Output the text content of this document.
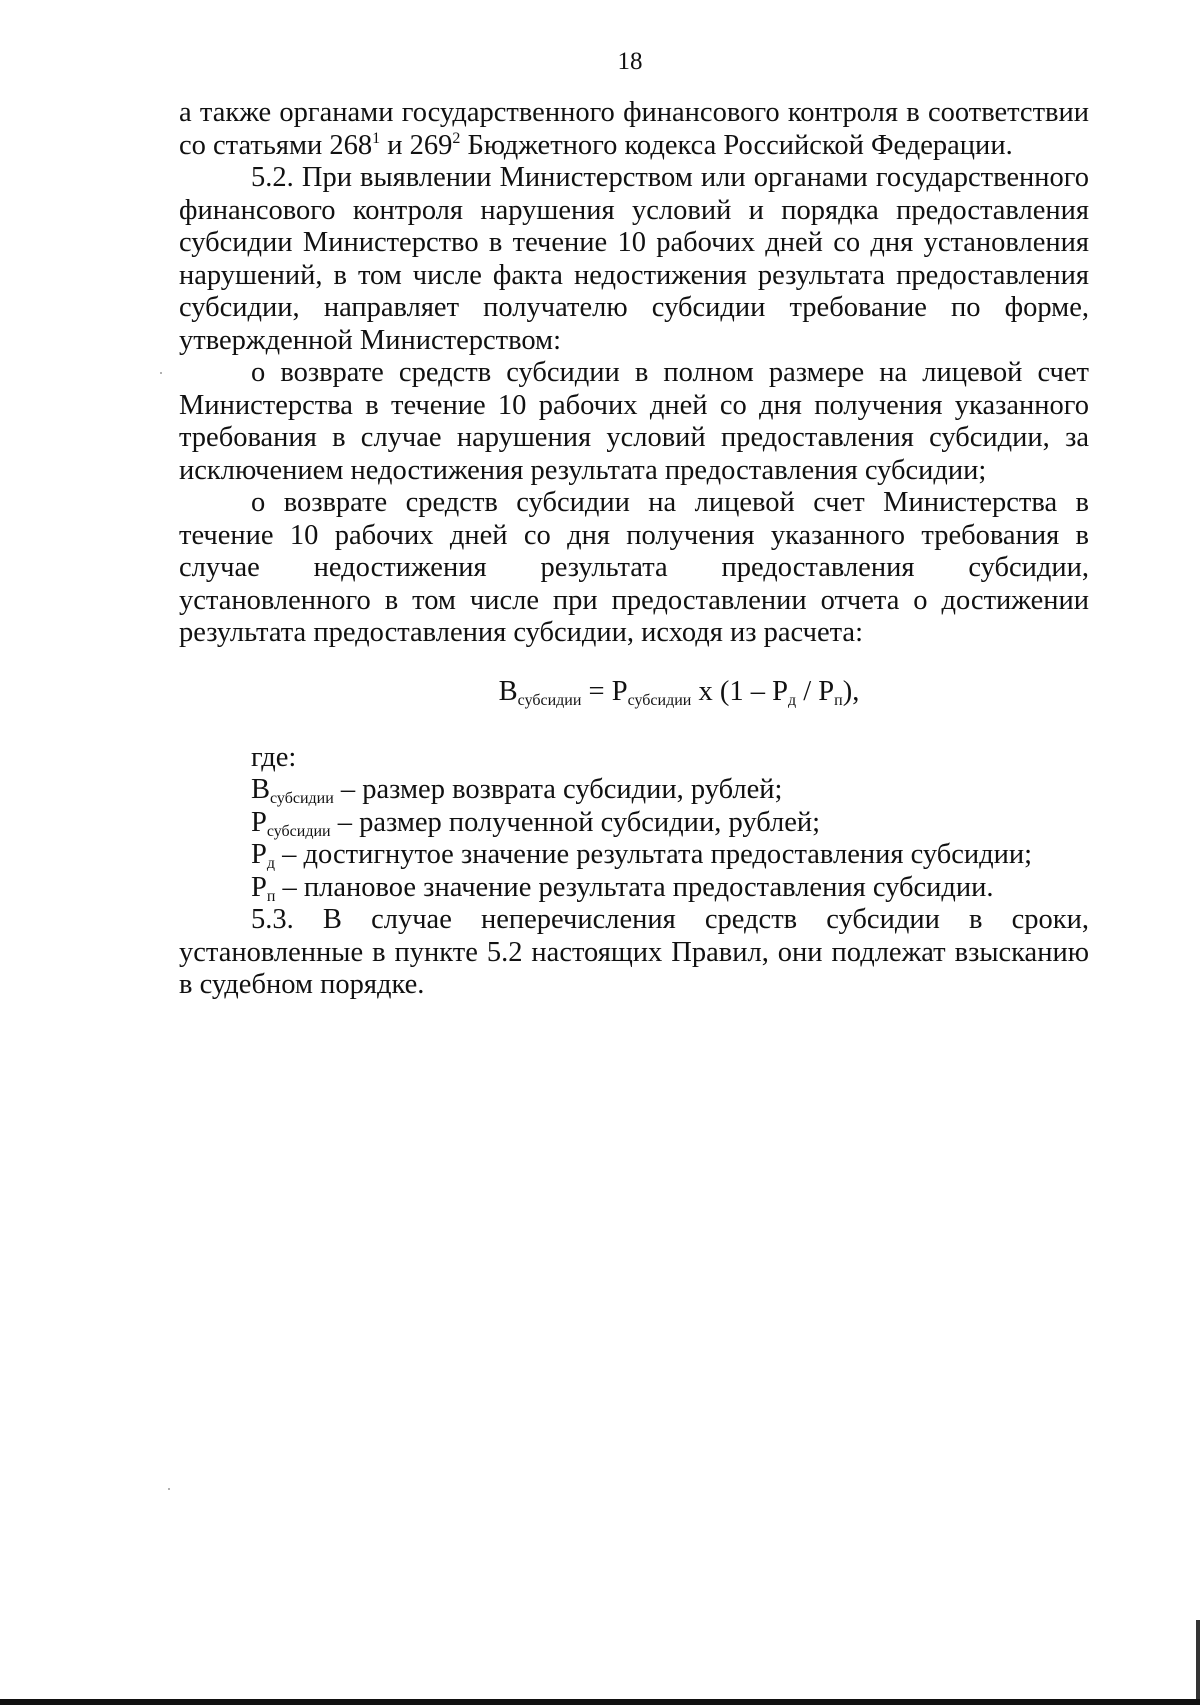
18

а также органами государственного финансового контроля в соответствии со статьями $268^1$ и $269^2$ Бюджетного кодекса Российской Федерации.

5.2. При выявлении Министерством или органами государственного финансового контроля нарушения условий и порядка предоставления субсидии Министерство в течение 10 рабочих дней со дня установления нарушений, в том числе факта недостижения результата предоставления субсидии, направляет получателю субсидии требование по форме, утвержденной Министерством:

о возврате средств субсидии в полном размере на лицевой счет Министерства в течение 10 рабочих дней со дня получения указанного требования в случае нарушения условий предоставления субсидии, за исключением недостижения результата предоставления субсидии;

о возврате средств субсидии на лицевой счет Министерства в течение 10 рабочих дней со дня получения указанного требования в случае недостижения результата предоставления субсидии, установленного в том числе при предоставлении отчета о достижении результата предоставления субсидии, исходя из расчета:

$В_{субсидии} = Р_{субсидии}$ x $(1 - Р_д / Р_п)$,

где:

$В_{субсидии}$ – размер возврата субсидии, рублей;

$Р_{субсидии}$ – размер полученной субсидии, рублей;

$Р_д$ – достигнутое значение результата предоставления субсидии;

$Р_п$ – плановое значение результата предоставления субсидии.

5.3. В случае неперечисления средств субсидии в сроки, установленные в пункте 5.2 настоящих Правил, они подлежат взысканию в судебном порядке.
